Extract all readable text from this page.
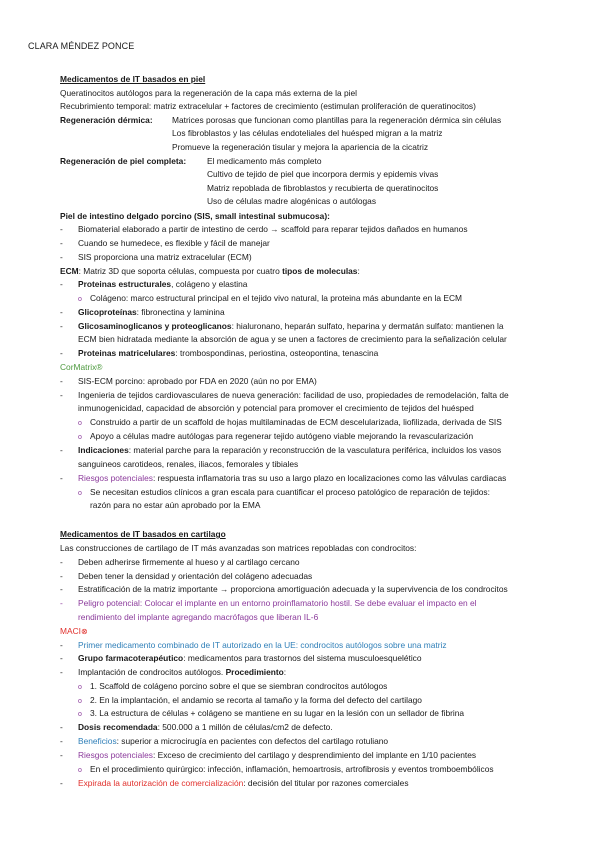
CLARA MÉNDEZ PONCE
Medicamentos de IT basados en piel
Queratinocitos autólogos para la regeneración de la capa más externa de la piel
Recubrimiento temporal: matriz extracelular + factores de crecimiento (estimulan proliferación de queratinocitos)
Regeneración dérmica: Matrices porosas que funcionan como plantillas para la regeneración dérmica sin células
Los fibroblastos y las células endoteliales del huésped migran a la matriz
Promueve la regeneración tisular y mejora la apariencia de la cicatriz
Regeneración de piel completa: El medicamento más completo
Cultivo de tejido de piel que incorpora dermis y epidemis vivas
Matriz repoblada de fibroblastos y recubierta de queratinocitos
Uso de células madre alogénicas o autólogas
Piel de intestino delgado porcino (SIS, small intestinal submucosa):
- Biomaterial elaborado a partir de intestino de cerdo → scaffold para reparar tejidos dañados en humanos
- Cuando se humedece, es flexible y fácil de manejar
- SIS proporciona una matriz extracelular (ECM)
ECM: Matriz 3D que soporta células, compuesta por cuatro tipos de moleculas:
- Proteinas estructurales, colágeno y elastina
o Colágeno: marco estructural principal en el tejido vivo natural, la proteina más abundante en la ECM
- Glicoproteínas: fibronectina y laminina
- Glicosaminoglicanos y proteoglicanos: hialuronano, heparán sulfato, heparina y dermatán sulfato: mantienen la
ECM bien hidratada mediante la absorción de agua y se unen a factores de crecimiento para la señalización celular
- Proteinas matricelulares: trombospondinas, periostina, osteopontina, tenascina
CorMatrix®
- SIS-ECM porcino: aprobado por FDA en 2020 (aún no por EMA)
- Ingenieria de tejidos cardiovasculares de nueva generación: facilidad de uso, propiedades de remodelación, falta de
inmunogenicidad, capacidad de absorción y potencial para promover el crecimiento de tejidos del huésped
o Construido a partir de un scaffold de hojas multilaminadas de ECM descelularizada, liofilizada, derivada de SIS
o Apoyo a células madre autólogas para regenerar tejido autógeno viable mejorando la revascularización
- Indicaciones: material parche para la reparación y reconstrucción de la vasculatura periférica, incluidos los vasos
sanguineos carotideos, renales, iliacos, femorales y tibiales
- Riesgos potenciales: respuesta inflamatoria tras su uso a largo plazo en localizaciones como las válvulas cardiacas
o Se necesitan estudios clínicos a gran escala para cuantificar el proceso patológico de reparación de tejidos:
razón para no estar aún aprobado por la EMA
Medicamentos de IT basados en cartilago
Las construcciones de cartilago de IT más avanzadas son matrices repobladas con condrocitos:
- Deben adherirse firmemente al hueso y al cartilago cercano
- Deben tener la densidad y orientación del colágeno adecuadas
- Estratificación de la matriz importante → proporciona amortiguación adecuada y la supervivencia de los condrocitos
- Peligro potencial: Colocar el implante en un entorno proinflamatorio hostil. Se debe evaluar el impacto en el
rendimiento del implante agregando macrófagos que liberan IL-6
MACI⊗
- Primer medicamento combinado de IT autorizado en la UE: condrocitos autólogos sobre una matriz
- Grupo farmacoterapéutico: medicamentos para trastornos del sistema musculoesquelético
- Implantación de condrocitos autólogos. Procedimiento:
o 1. Scaffold de colágeno porcino sobre el que se siembran condrocitos autólogos
o 2. En la implantación, el andamio se recorta al tamaño y la forma del defecto del cartilago
o 3. La estructura de células + colágeno se mantiene en su lugar en la lesión con un sellador de fibrina
- Dosis recomendada: 500.000 a 1 millón de células/cm2 de defecto.
- Beneficios: superior a microcirugía en pacientes con defectos del cartilago rotuliano
- Riesgos potenciales: Exceso de crecimiento del cartilago y desprendimiento del implante en 1/10 pacientes
o En el procedimiento quirúrgico: infección, inflamación, hemoartrosis, artrofibrosis y eventos tromboembólicos
- Expirada la autorización de comercialización: decisión del titular por razones comerciales
